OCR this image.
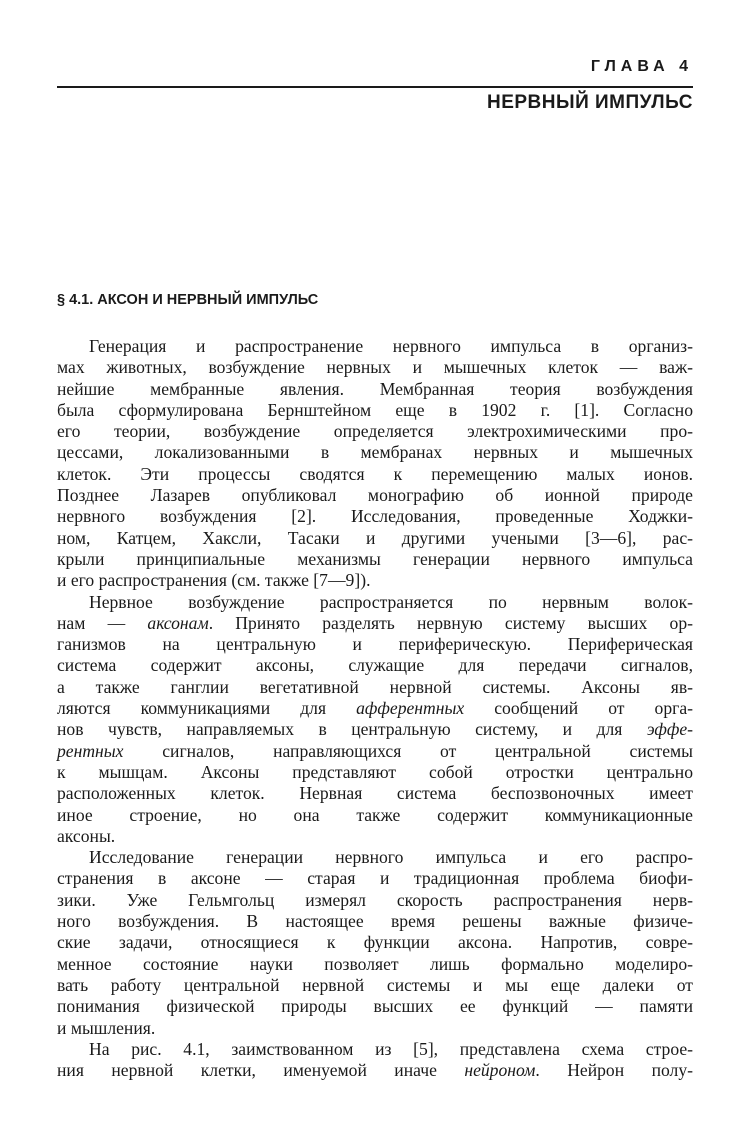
ГЛАВА 4
НЕРВНЫЙ ИМПУЛЬС
§ 4.1. АКСОН И НЕРВНЫЙ ИМПУЛЬС
Генерация и распространение нервного импульса в организ-
мах животных, возбуждение нервных и мышечных клеток — важ-
нейшие мембранные явления. Мембранная теория возбуждения
была сформулирована Бернштейном еще в 1902 г. [1]. Согласно
его теории, возбуждение определяется электрохимическими про-
цессами, локализованными в мембранах нервных и мышечных
клеток. Эти процессы сводятся к перемещению малых ионов.
Позднее Лазарев опубликовал монографию об ионной природе
нервного возбуждения [2]. Исследования, проведенные Ходжки-
ном, Катцем, Хаксли, Тасаки и другими учеными [3—6], рас-
крыли принципиальные механизмы генерации нервного импульса
и его распространения (см. также [7—9]).
Нервное возбуждение распространяется по нервным волок-
нам — аксонам. Принято разделять нервную систему высших ор-
ганизмов на центральную и периферическую. Периферическая
система содержит аксоны, служащие для передачи сигналов,
а также ганглии вегетативной нервной системы. Аксоны яв-
ляются коммуникациями для афферентных сообщений от орга-
нов чувств, направляемых в центральную систему, и для эффе-
рентных сигналов, направляющихся от центральной системы
к мышцам. Аксоны представляют собой отростки центрально
расположенных клеток. Нервная система беспозвоночных имеет
иное строение, но она также содержит коммуникационные
аксоны.
Исследование генерации нервного импульса и его распро-
странения в аксоне — старая и традиционная проблема биофи-
зики. Уже Гельмгольц измерял скорость распространения нерв-
ного возбуждения. В настоящее время решены важные физиче-
ские задачи, относящиеся к функции аксона. Напротив, совре-
менное состояние науки позволяет лишь формально моделиро-
вать работу центральной нервной системы и мы еще далеки от
понимания физической природы высших ее функций — памяти
и мышления.
На рис. 4.1, заимствованном из [5], представлена схема строе-
ния нервной клетки, именуемой иначе нейроном. Нейрон полу-
